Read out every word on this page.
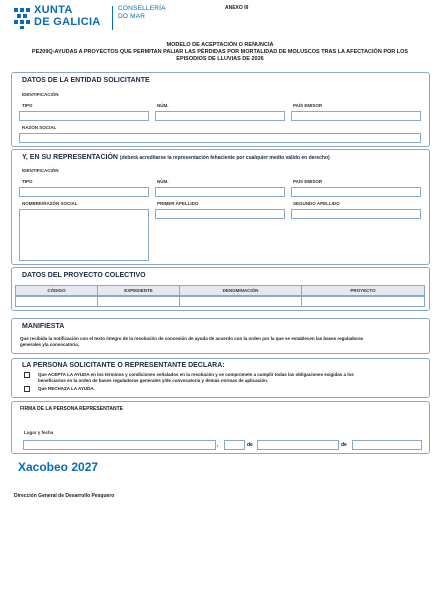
XUNTA
DE GALICIA
CONSELLERÍA
DO MAR
ANEXO III
MODELO DE ACEPTACIÓN O RENUNCIA
PE209Q-AYUDAS A PROYECTOS QUE PERMITAN PALIAR LAS PÉRDIDAS POR MORTALIDAD DE MOLUSCOS TRAS LA AFECTACIÓN POR LOS
EPISODIOS DE LLUVIAS DE 2026
DATOS DE LA ENTIDAD SOLICITANTE
IDENTIFICACIÓN
TIPO	NÚM.	PAÍS EMISOR
RAZÓN SOCIAL
Y, EN SU REPRESENTACIÓN (deberá acreditarse la representación fehaciente por cualquier medio válido en derecho)
IDENTIFICACIÓN
TIPO	NÚM.	PAÍS EMISOR
NOMBRE/RAZÓN SOCIAL	PRIMER APELLIDO	SEGUNDO APELLIDO
DATOS DEL PROYECTO COLECTIVO
CÓDIGO	EXPEDIENTE	DENOMINACIÓN	PROYECTO
MANIFIESTA
Que recibida la notificación con el texto íntegro de la resolución de concesión de ayuda de acuerdo con la orden por la que se establecen las bases reguladoras
generales y/a convocatoria,
LA PERSONA SOLICITANTE O REPRESENTANTE DECLARA:
Que ACEPTA LA AYUDA en los términos y condiciones señalados en la resolución y se compromete a cumplir todas las obligaciones exigidas a los
beneficiarios en la orden de bases reguladoras generales y/de convocatoria y demás normas de aplicación.
Que RECHAZA LA AYUDA.
FIRMA DE LA PERSONA REPRESENTANTE
Lugar y fecha
,	de	de
Xacobeo 2027
Dirección General de Desarrollo Pesquero
